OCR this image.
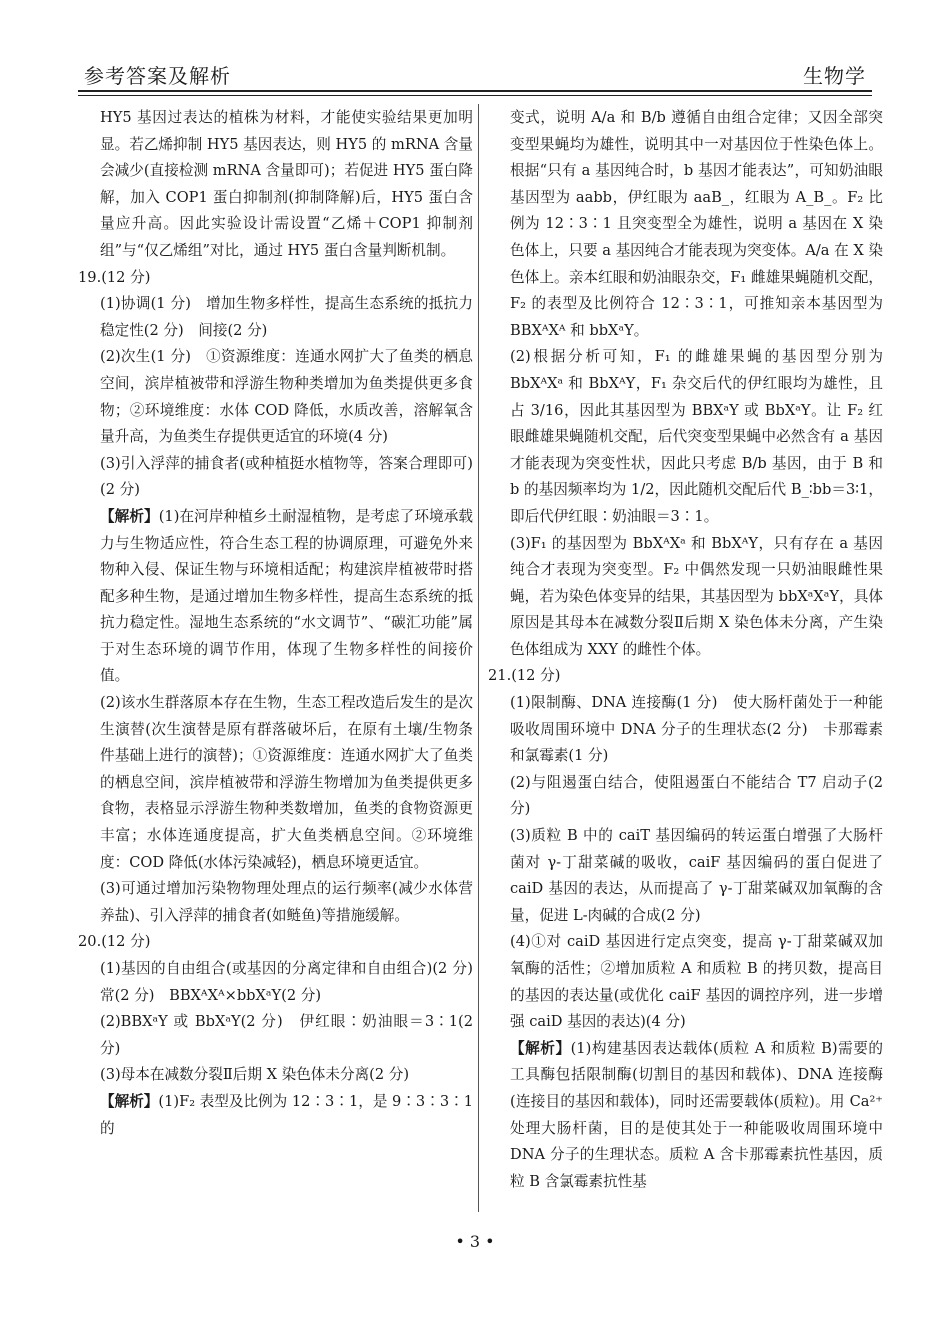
参考答案及解析	生物学

HY5 基因过表达的植株为材料，才能使实验结果更加明显。若乙烯抑制 HY5 基因表达，则 HY5 的 mRNA 含量会减少(直接检测 mRNA 含量即可)；若促进 HY5 蛋白降解，加入 COP1 蛋白抑制剂(抑制降解)后，HY5 蛋白含量应升高。因此实验设计需设置“乙烯＋COP1 抑制剂组”与“仅乙烯组”对比，通过 HY5 蛋白含量判断机制。

19.(12 分)

(1)协调(1 分)　增加生物多样性，提高生态系统的抵抗力稳定性(2 分)　间接(2 分)

(2)次生(1 分)　①资源维度：连通水网扩大了鱼类的栖息空间，滨岸植被带和浮游生物种类增加为鱼类提供更多食物；②环境维度：水体 COD 降低，水质改善，溶解氧含量升高，为鱼类生存提供更适宜的环境(4 分)

(3)引入浮萍的捕食者(或种植挺水植物等，答案合理即可)(2 分)

【解析】(1)在河岸种植乡土耐湿植物，是考虑了环境承载力与生物适应性，符合生态工程的协调原理，可避免外来物种入侵、保证生物与环境相适配；构建滨岸植被带时搭配多种生物，是通过增加生物多样性，提高生态系统的抵抗力稳定性。湿地生态系统的“水文调节”、“碳汇功能”属于对生态环境的调节作用，体现了生物多样性的间接价值。

(2)该水生群落原本存在生物，生态工程改造后发生的是次生演替(次生演替是原有群落破坏后，在原有土壤/生物条件基础上进行的演替)；①资源维度：连通水网扩大了鱼类的栖息空间，滨岸植被带和浮游生物增加为鱼类提供更多食物，表格显示浮游生物种类数增加，鱼类的食物资源更丰富；水体连通度提高，扩大鱼类栖息空间。②环境维度：COD 降低(水体污染减轻)，栖息环境更适宜。

(3)可通过增加污染物物理处理点的运行频率(减少水体营养盐)、引入浮萍的捕食者(如鲢鱼)等措施缓解。

20.(12 分)

(1)基因的自由组合(或基因的分离定律和自由组合)(2 分)　常(2 分)　BBXᴬXᴬ×bbXᵃY(2 分)

(2)BBXᵃY 或 BbXᵃY(2 分)　伊红眼∶奶油眼＝3∶1(2 分)

(3)母本在减数分裂Ⅱ后期 X 染色体未分离(2 分)

【解析】(1)F₂ 表型及比例为 12∶3∶1，是 9∶3∶3∶1 的

变式，说明 A/a 和 B/b 遵循自由组合定律；又因全部突变型果蝇均为雄性，说明其中一对基因位于性染色体上。根据“只有 a 基因纯合时，b 基因才能表达”，可知奶油眼基因型为 aabb，伊红眼为 aaB_，红眼为 A_B_。F₂ 比例为 12∶3∶1 且突变型全为雄性，说明 a 基因在 X 染色体上，只要 a 基因纯合才能表现为突变体。A/a 在 X 染色体上。亲本红眼和奶油眼杂交，F₁ 雌雄果蝇随机交配，F₂ 的表型及比例符合 12∶3∶1，可推知亲本基因型为 BBXᴬXᴬ 和 bbXᵃY。

(2)根据分析可知，F₁ 的雌雄果蝇的基因型分别为 BbXᴬXᵃ 和 BbXᴬY，F₁ 杂交后代的伊红眼均为雄性，且占 3/16，因此其基因型为 BBXᵃY 或 BbXᵃY。让 F₂ 红眼雌雄果蝇随机交配，后代突变型果蝇中必然含有 a 基因才能表现为突变性状，因此只考虑 B/b 基因，由于 B 和 b 的基因频率均为 1/2，因此随机交配后代 B_∶bb＝3∶1，即后代伊红眼∶奶油眼＝3∶1。

(3)F₁ 的基因型为 BbXᴬXᵃ 和 BbXᴬY，只有存在 a 基因纯合才表现为突变型。F₂ 中偶然发现一只奶油眼雌性果蝇，若为染色体变异的结果，其基因型为 bbXᵃXᵃY，具体原因是其母本在减数分裂Ⅱ后期 X 染色体未分离，产生染色体组成为 XXY 的雌性个体。

21.(12 分)

(1)限制酶、DNA 连接酶(1 分)　使大肠杆菌处于一种能吸收周围环境中 DNA 分子的生理状态(2 分)　卡那霉素和氯霉素(1 分)

(2)与阻遏蛋白结合，使阻遏蛋白不能结合 T7 启动子(2 分)

(3)质粒 B 中的 caiT 基因编码的转运蛋白增强了大肠杆菌对 γ-丁甜菜碱的吸收，caiF 基因编码的蛋白促进了 caiD 基因的表达，从而提高了 γ-丁甜菜碱双加氧酶的含量，促进 L-肉碱的合成(2 分)

(4)①对 caiD 基因进行定点突变，提高 γ-丁甜菜碱双加氧酶的活性；②增加质粒 A 和质粒 B 的拷贝数，提高目的基因的表达量(或优化 caiF 基因的调控序列，进一步增强 caiD 基因的表达)(4 分)

【解析】(1)构建基因表达载体(质粒 A 和质粒 B)需要的工具酶包括限制酶(切割目的基因和载体)、DNA 连接酶(连接目的基因和载体)，同时还需要载体(质粒)。用 Ca²⁺ 处理大肠杆菌，目的是使其处于一种能吸收周围环境中 DNA 分子的生理状态。质粒 A 含卡那霉素抗性基因，质粒 B 含氯霉素抗性基

• 3 •
